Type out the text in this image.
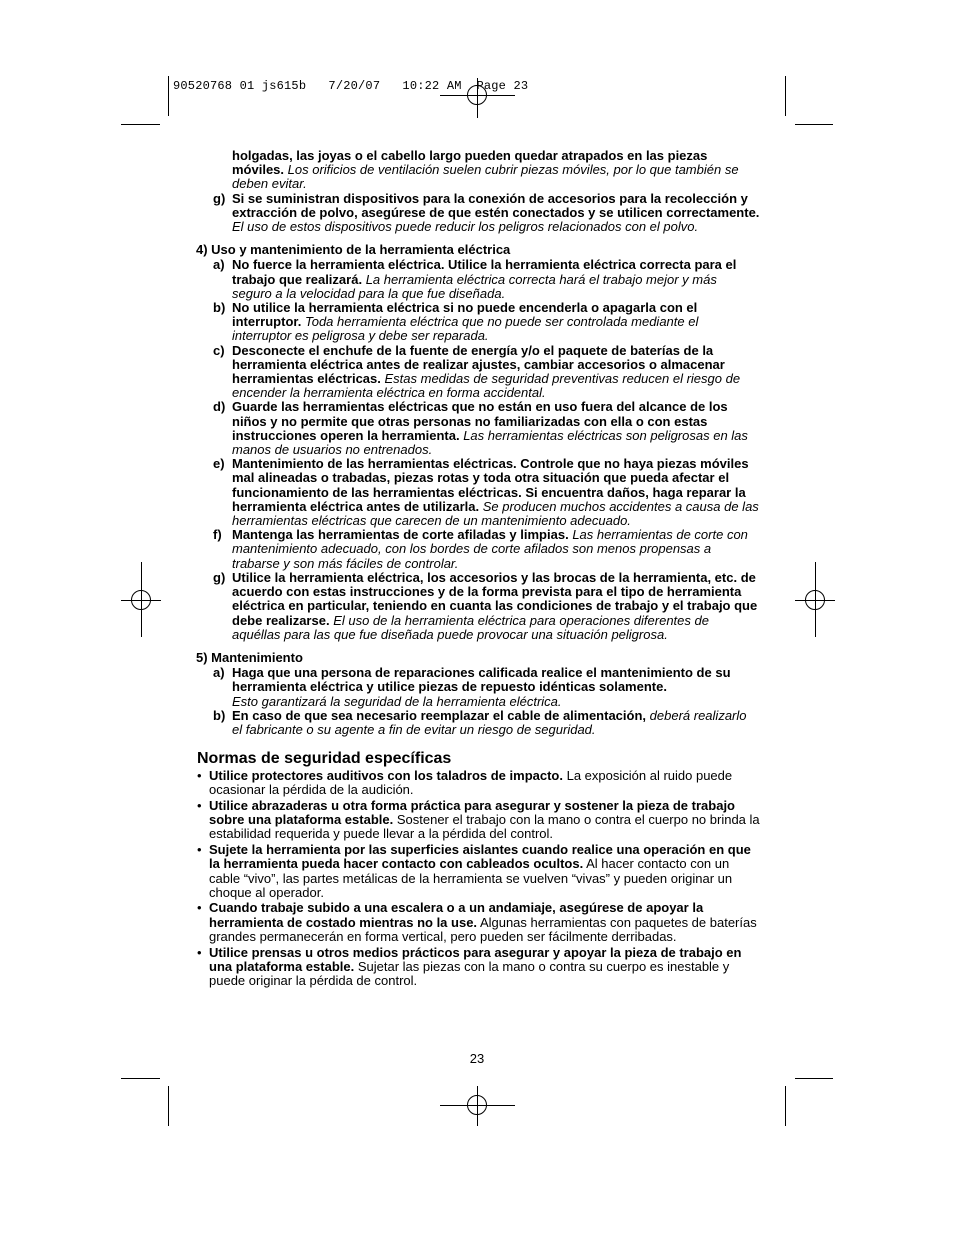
90520768 01 js615b   7/20/07   10:22 AM  Page 23

holgadas, las joyas o el cabello largo pueden quedar atrapados en las piezas móviles. Los orificios de ventilación suelen cubrir piezas móviles, por lo que también se deben evitar.

g) Si se suministran dispositivos para la conexión de accesorios para la recolección y extracción de polvo, asegúrese de que estén conectados y se utilicen correctamente. El uso de estos dispositivos puede reducir los peligros relacionados con el polvo.

4) Uso y mantenimiento de la herramienta eléctrica

a) No fuerce la herramienta eléctrica. Utilice la herramienta eléctrica correcta para el trabajo que realizará. La herramienta eléctrica correcta hará el trabajo mejor y más seguro a la velocidad para la que fue diseñada.

b) No utilice la herramienta eléctrica si no puede encenderla o apagarla con el interruptor. Toda herramienta eléctrica que no puede ser controlada mediante el interruptor es peligrosa y debe ser reparada.

c) Desconecte el enchufe de la fuente de energía y/o el paquete de baterías de la herramienta eléctrica antes de realizar ajustes, cambiar accesorios o almacenar herramientas eléctricas. Estas medidas de seguridad preventivas reducen el riesgo de encender la herramienta eléctrica en forma accidental.

d) Guarde las herramientas eléctricas que no están en uso fuera del alcance de los niños y no permite que otras personas no familiarizadas con ella o con estas instrucciones operen la herramienta. Las herramientas eléctricas son peligrosas en las manos de usuarios no entrenados.

e) Mantenimiento de las herramientas eléctricas. Controle que no haya piezas móviles mal alineadas o trabadas, piezas rotas y toda otra situación que pueda afectar el funcionamiento de las herramientas eléctricas. Si encuentra daños, haga reparar la herramienta eléctrica antes de utilizarla. Se producen muchos accidentes a causa de las herramientas eléctricas que carecen de un mantenimiento adecuado.

f) Mantenga las herramientas de corte afiladas y limpias. Las herramientas de corte con mantenimiento adecuado, con los bordes de corte afilados son menos propensas a trabarse y son más fáciles de controlar.

g) Utilice la herramienta eléctrica, los accesorios y las brocas de la herramienta, etc. de acuerdo con estas instrucciones y de la forma prevista para el tipo de herramienta eléctrica en particular, teniendo en cuanta las condiciones de trabajo y el trabajo que debe realizarse. El uso de la herramienta eléctrica para operaciones diferentes de aquéllas para las que fue diseñada puede provocar una situación peligrosa.

5) Mantenimiento

a) Haga que una persona de reparaciones calificada realice el mantenimiento de su herramienta eléctrica y utilice piezas de repuesto idénticas solamente.
Esto garantizará la seguridad de la herramienta eléctrica.

b) En caso de que sea necesario reemplazar el cable de alimentación, deberá realizarlo el fabricante o su agente a fin de evitar un riesgo de seguridad.

Normas de seguridad específicas

• Utilice protectores auditivos con los taladros de impacto. La exposición al ruido puede ocasionar la pérdida de la audición.

• Utilice abrazaderas u otra forma práctica para asegurar y sostener la pieza de trabajo sobre una plataforma estable. Sostener el trabajo con la mano o contra el cuerpo no brinda la estabilidad requerida y puede llevar a la pérdida del control.

• Sujete la herramienta por las superficies aislantes cuando realice una operación en que la herramienta pueda hacer contacto con cableados ocultos. Al hacer contacto con un cable “vivo”, las partes metálicas de la herramienta se vuelven “vivas” y pueden originar un choque al operador.

• Cuando trabaje subido a una escalera o a un andamiaje, asegúrese de apoyar la herramienta de costado mientras no la use. Algunas herramientas con paquetes de baterías grandes permanecerán en forma vertical, pero pueden ser fácilmente derribadas.

• Utilice prensas u otros medios prácticos para asegurar y apoyar la pieza de trabajo en una plataforma estable. Sujetar las piezas con la mano o contra su cuerpo es inestable y puede originar la pérdida de control.

23
